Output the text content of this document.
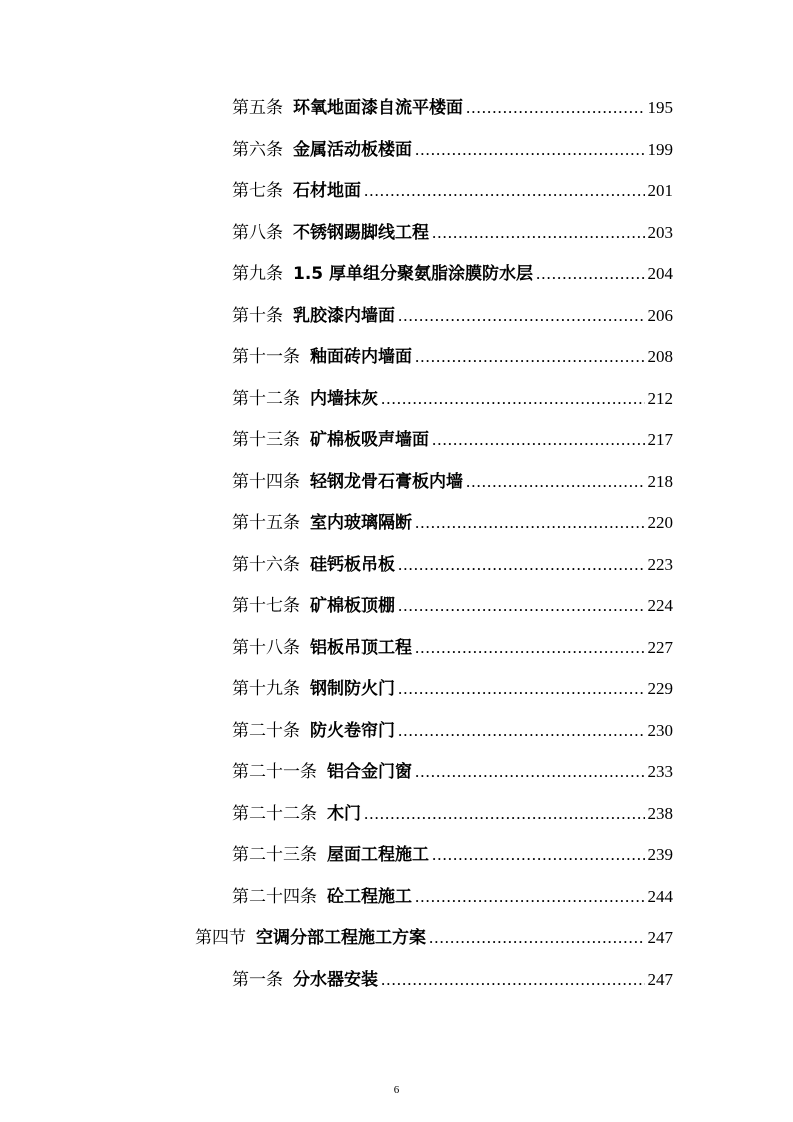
第五条 环氧地面漆自流平楼面 .....	195
第六条 金属活动板楼面 .....	199
第七条 石材地面 .....	201
第八条 不锈钢踢脚线工程 .....	203
第九条 1.5 厚单组分聚氨脂涂膜防水层 .....	204
第十条 乳胶漆内墙面 .....	206
第十一条 釉面砖内墙面 .....	208
第十二条 内墙抹灰 .....	212
第十三条 矿棉板吸声墙面 .....	217
第十四条 轻钢龙骨石膏板内墙 .....	218
第十五条 室内玻璃隔断 .....	220
第十六条 硅钙板吊板 .....	223
第十七条 矿棉板顶棚 .....	224
第十八条 铝板吊顶工程 .....	227
第十九条 钢制防火门 .....	229
第二十条 防火卷帘门 .....	230
第二十一条 铝合金门窗 .....	233
第二十二条 木门 .....	238
第二十三条 屋面工程施工 .....	239
第二十四条 砼工程施工 .....	244
第四节 空调分部工程施工方案 .....	247
第一条 分水器安装 .....	247
6
